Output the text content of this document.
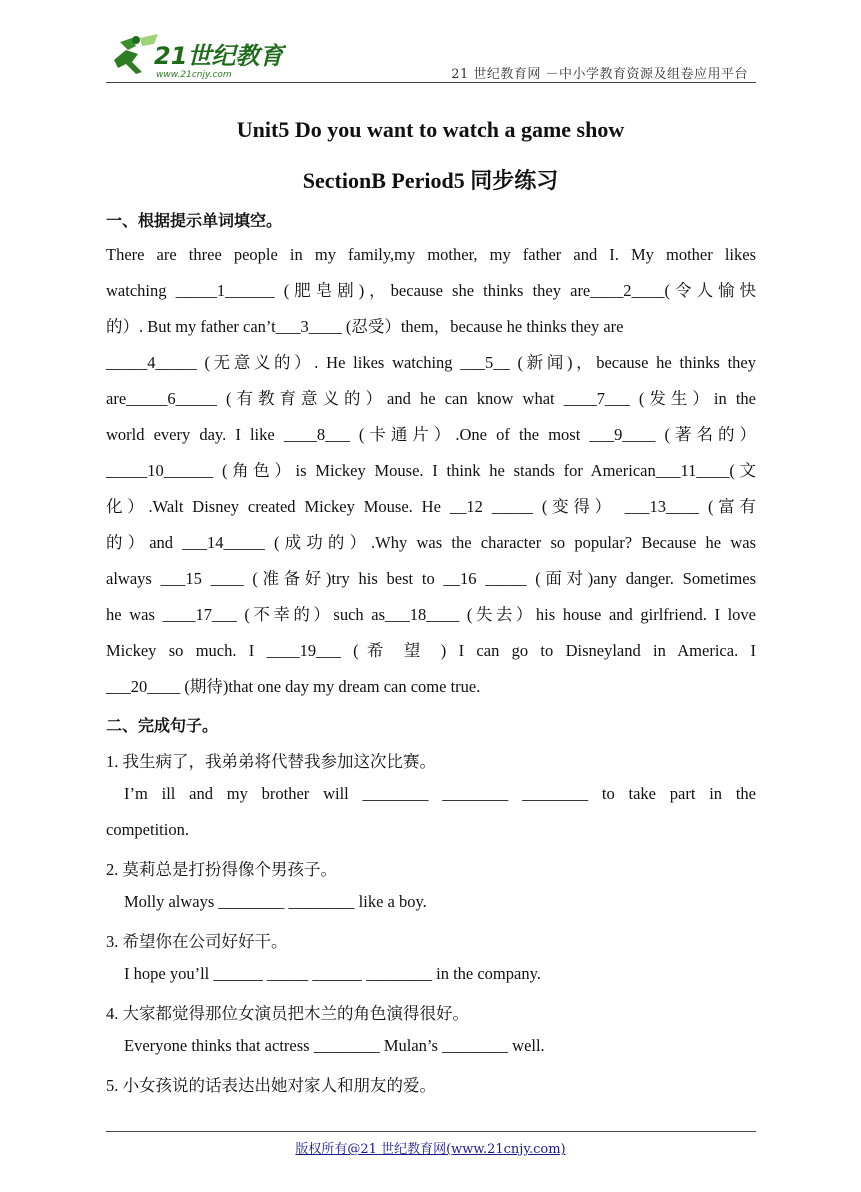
21世纪教育
www.21cnjy.com	21 世纪教育网 －中小学教育资源及组卷应用平台
Unit5 Do you want to watch a game show
SectionB Period5 同步练习
一、根据提示单词填空。
There are three people in my family,my mother, my father and I. My mother likes
watching _____1______ (肥皂剧)，because she thinks they are____2____(令人愉快
的）. But my father can’t___3____ (忍受）them，because he thinks they are
_____4_____ (无意义的）. He likes watching ___5__ (新闻)，because he thinks they
are_____6_____ (有教育意义的）and he can know what ____7___ (发生）in the
world every day. I like ____8___ (卡通片）.One of the most ___9____ (著名的）
_____10______ (角色）is Mickey Mouse. I think he stands for American___11____(文
化）.Walt Disney created Mickey Mouse. He __12 _____ (变得） ___13____ (富有
的）and ___14_____ (成功的）.Why was the character so popular? Because he was
always ___15 ____ (准备好)try his best to __16 _____ (面对)any danger. Sometimes
he was ____17___ (不幸的）such as___18____ (失去）his house and girlfriend. I love
Mickey so much. I ____19___ (希 望 ) I can go to Disneyland in America. I
___20____ (期待)that one day my dream can come true.
二、完成句子。
1. 我生病了，我弟弟将代替我参加这次比赛。
I’m ill and my brother will ________ ________ ________ to take part in the
competition.
2. 莫莉总是打扮得像个男孩子。
Molly always ________ ________ like a boy.
3. 希望你在公司好好干。
I hope you’ll ______ _____ ______ ________ in the company.
4. 大家都觉得那位女演员把木兰的角色演得很好。
Everyone thinks that actress ________ Mulan’s ________ well.
5. 小女孩说的话表达出她对家人和朋友的爱。
版权所有@21 世纪教育网(www.21cnjy.com)
